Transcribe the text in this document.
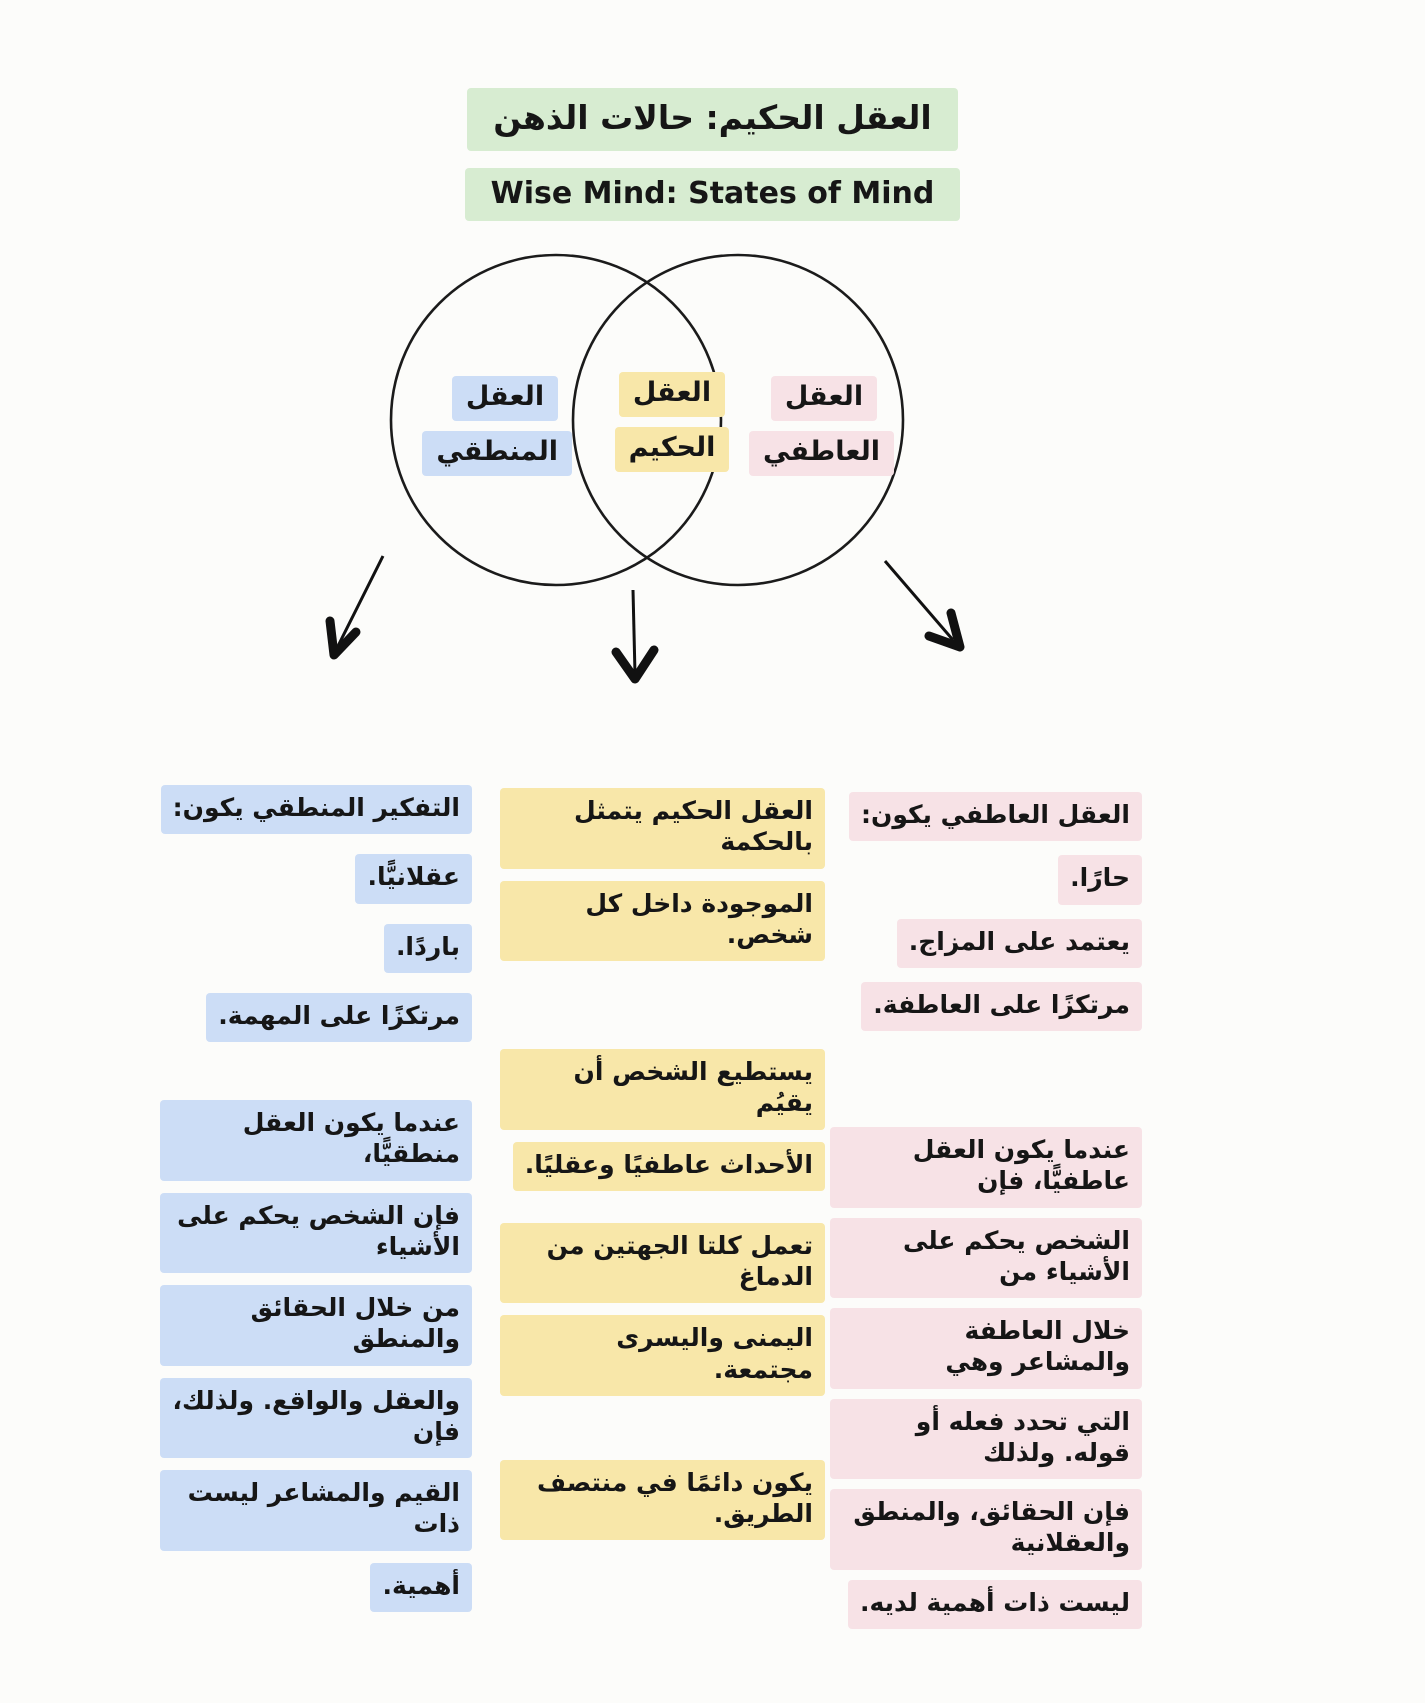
العقل الحكيم: حالات الذهن
Wise Mind: States of Mind
العقل
المنطقي
العقل
الحكيم
العقل
العاطفي
التفكير المنطقي يكون:
عقلانيًّا.
باردًا.
مرتكزًا على المهمة.
عندما يكون العقل منطقيًّا،
فإن الشخص يحكم على الأشياء
من خلال الحقائق والمنطق
والعقل والواقع. ولذلك، فإن
القيم والمشاعر ليست ذات
أهمية.
العقل الحكيم يتمثل بالحكمة
الموجودة داخل كل شخص.
يستطيع الشخص أن يقيُم
الأحداث عاطفيًا وعقليًا.
تعمل كلتا الجهتين من الدماغ
اليمنى واليسرى مجتمعة.
يكون دائمًا في منتصف الطريق.
العقل العاطفي يكون:
حارًا.
يعتمد على المزاج.
مرتكزًا على العاطفة.
عندما يكون العقل عاطفيًّا، فإن
الشخص يحكم على الأشياء من
خلال العاطفة والمشاعر وهي
التي تحدد فعله أو قوله. ولذلك
فإن الحقائق، والمنطق والعقلانية
ليست ذات أهمية لديه.
